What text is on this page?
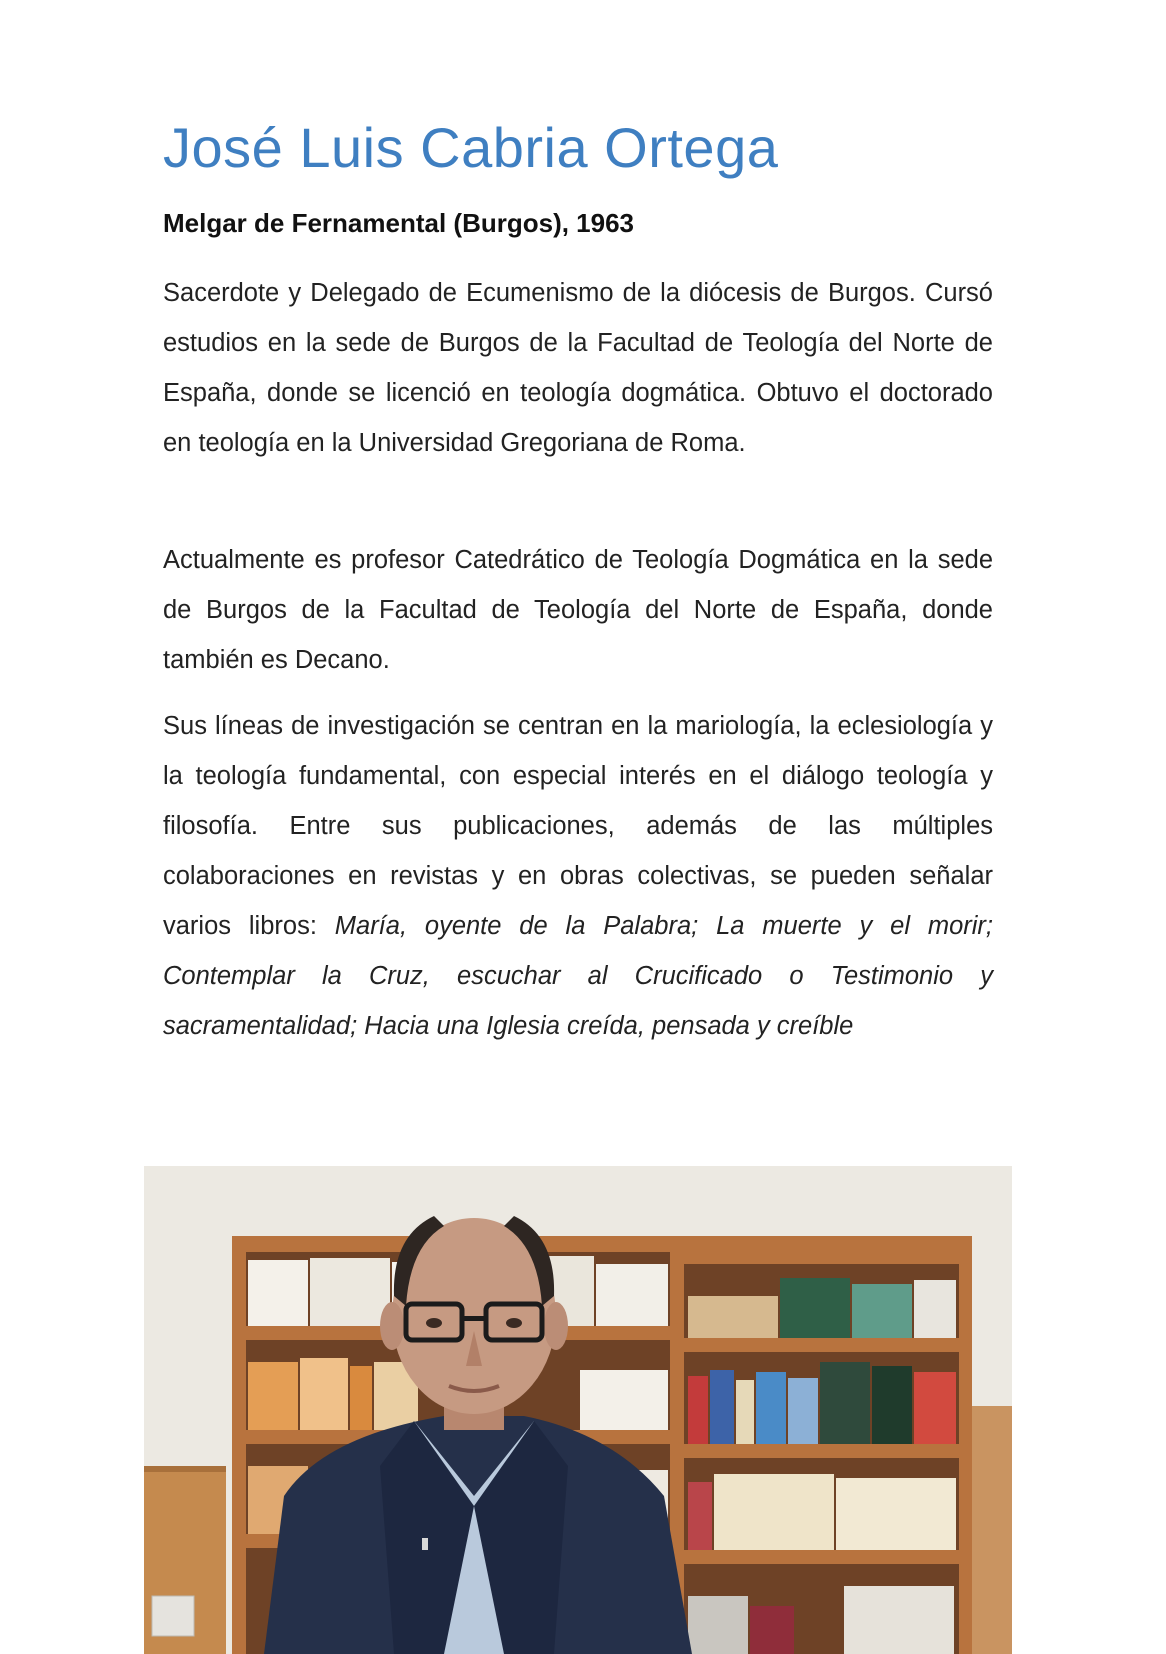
José Luis Cabria Ortega
Melgar de Fernamental (Burgos), 1963

Sacerdote y Delegado de Ecumenismo de la diócesis de Burgos. Cursó estudios en la sede de Burgos de la Facultad de Teología del Norte de España, donde se licenció en teología dogmática. Obtuvo el doctorado en teología en la Universidad Gregoriana de Roma.

Actualmente es profesor Catedrático de Teología Dogmática en la sede de Burgos de la Facultad de Teología del Norte de España, donde también es Decano.

Sus líneas de investigación se centran en la mariología, la eclesiología y la teología fundamental, con especial interés en el diálogo teología y filosofía. Entre sus publicaciones, además de las múltiples colaboraciones en revistas y en obras colectivas, se pueden señalar varios libros: María, oyente de la Palabra; La muerte y el morir; Contemplar la Cruz, escuchar al Crucificado o Testimonio y sacramentalidad; Hacia una Iglesia creída, pensada y creíble
